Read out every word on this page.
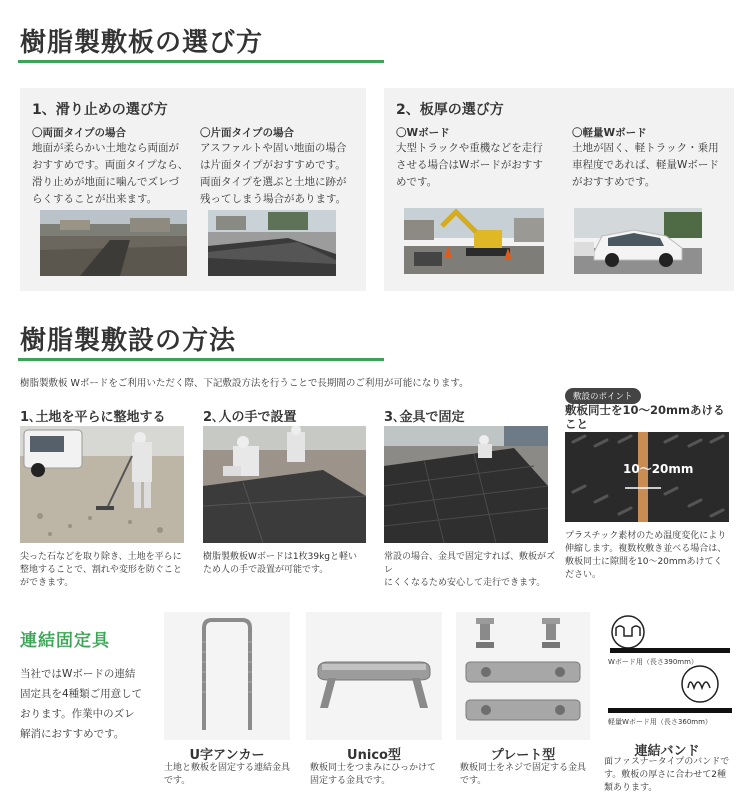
樹脂製敷板の選び方
1、滑り止めの選び方
〇両面タイプの場合
地面が柔らかい土地なら両面が
おすすめです。両面タイプなら、
滑り止めが地面に噛んでズレづ
らくすることが出来ます。
〇片面タイプの場合
アスファルトや固い地面の場合
は片面タイプがおすすめです。
両面タイプを選ぶと土地に跡が
残ってしまう場合があります。
2、板厚の選び方
〇Wボード
大型トラックや重機などを走行
させる場合はWボードがおすす
めです。
〇軽量Wボード
土地が固く、軽トラック・乗用
車程度であれば、軽量Wボード
がおすすめです。
樹脂製敷設の方法
樹脂製敷板 Wボードをご利用いただく際、下記敷設方法を行うことで長期間のご利用が可能になります。
1､土地を平らに整地する
尖った石などを取り除き、土地を平らに
整地することで、割れや変形を防ぐこと
ができます。
2､人の手で設置
樹脂製敷板Wボードは1枚39kgと軽い
ため人の手で設置が可能です。
3､金具で固定
常設の場合、金具で固定すれば、敷板がズレ
にくくなるため安心して走行できます。
敷設のポイント
敷板同士を10～20mmあける
こと
10～20mm
プラスチック素材のため温度変化により
伸縮します。複数枚敷き並べる場合は、
敷板同士に隙間を10～20mmあけてく
ださい。
連結固定具
当社ではWボードの連結
固定具を4種類ご用意して
おります。作業中のズレ
解消におすすめです。
U字アンカー
土地と敷板を固定する連結金具
です。
Unico型
敷板同士をつまみにひっかけて
固定する金具です。
プレート型
敷板同士をネジで固定する金具
です。
Wボード用（長さ390mm）
軽量Wボード用（長さ360mm）
連結バンド
面ファスナータイプのバンドで
す。敷板の厚さに合わせて2種
類あります。
